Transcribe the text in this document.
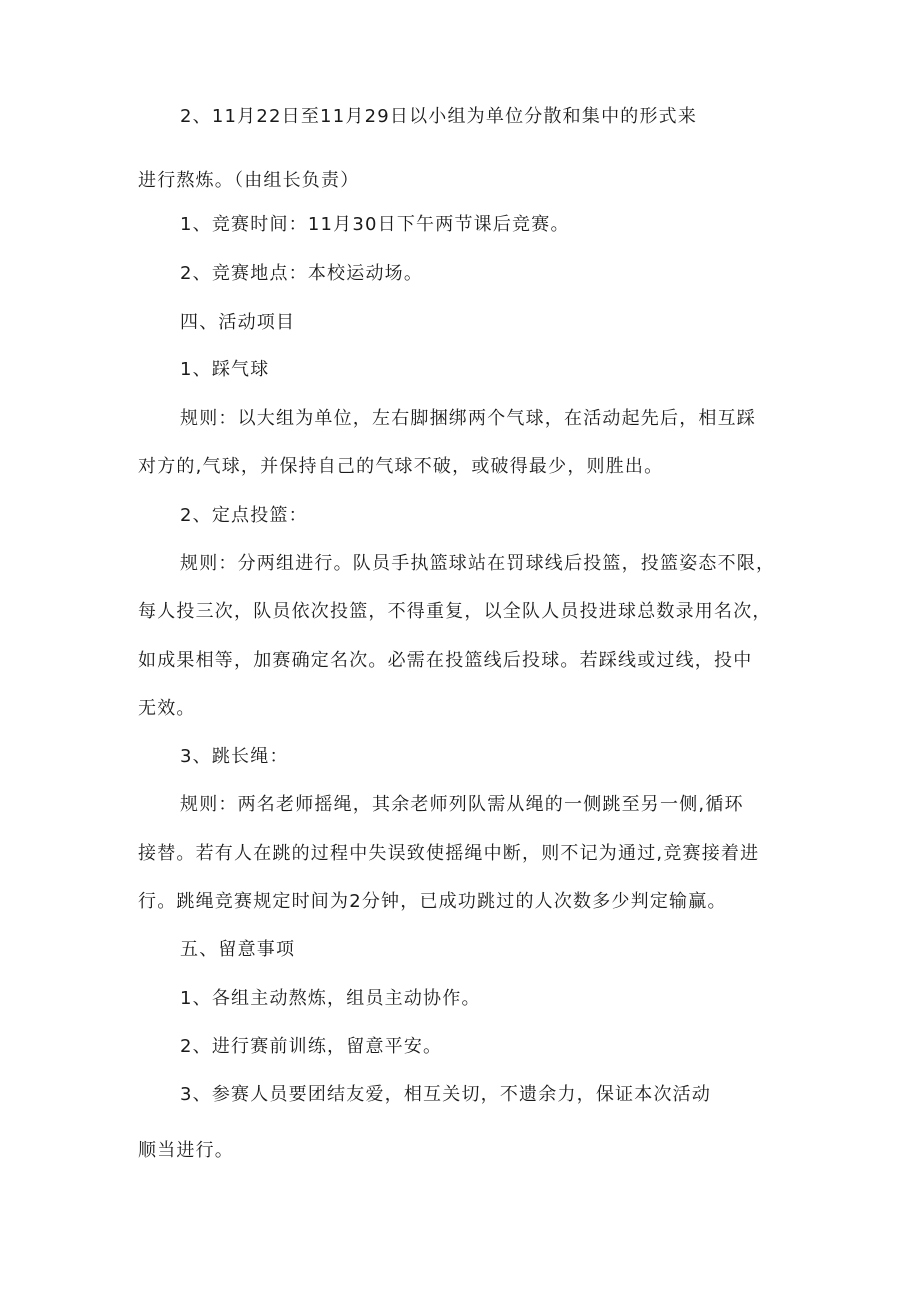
2、11月22日至11月29日以小组为单位分散和集中的形式来
进行熬炼。（由组长负责）
1、竞赛时间：11月30日下午两节课后竞赛。
2、竞赛地点：本校运动场。
四、活动项目
1、踩气球
规则：以大组为单位，左右脚捆绑两个气球，在活动起先后，相互踩
对方的,气球，并保持自己的气球不破，或破得最少，则胜出。
2、定点投篮：
规则：分两组进行。队员手执篮球站在罚球线后投篮，投篮姿态不限，
每人投三次，队员依次投篮，不得重复，以全队人员投进球总数录用名次，
如成果相等，加赛确定名次。必需在投篮线后投球。若踩线或过线，投中
无效。
3、跳长绳：
规则：两名老师摇绳，其余老师列队需从绳的一侧跳至另一侧,循环
接替。若有人在跳的过程中失误致使摇绳中断，则不记为通过,竞赛接着进
行。跳绳竞赛规定时间为2分钟，已成功跳过的人次数多少判定输赢。
五、留意事项
1、各组主动熬炼，组员主动协作。
2、进行赛前训练，留意平安。
3、参赛人员要团结友爱，相互关切，不遗余力，保证本次活动
顺当进行。
